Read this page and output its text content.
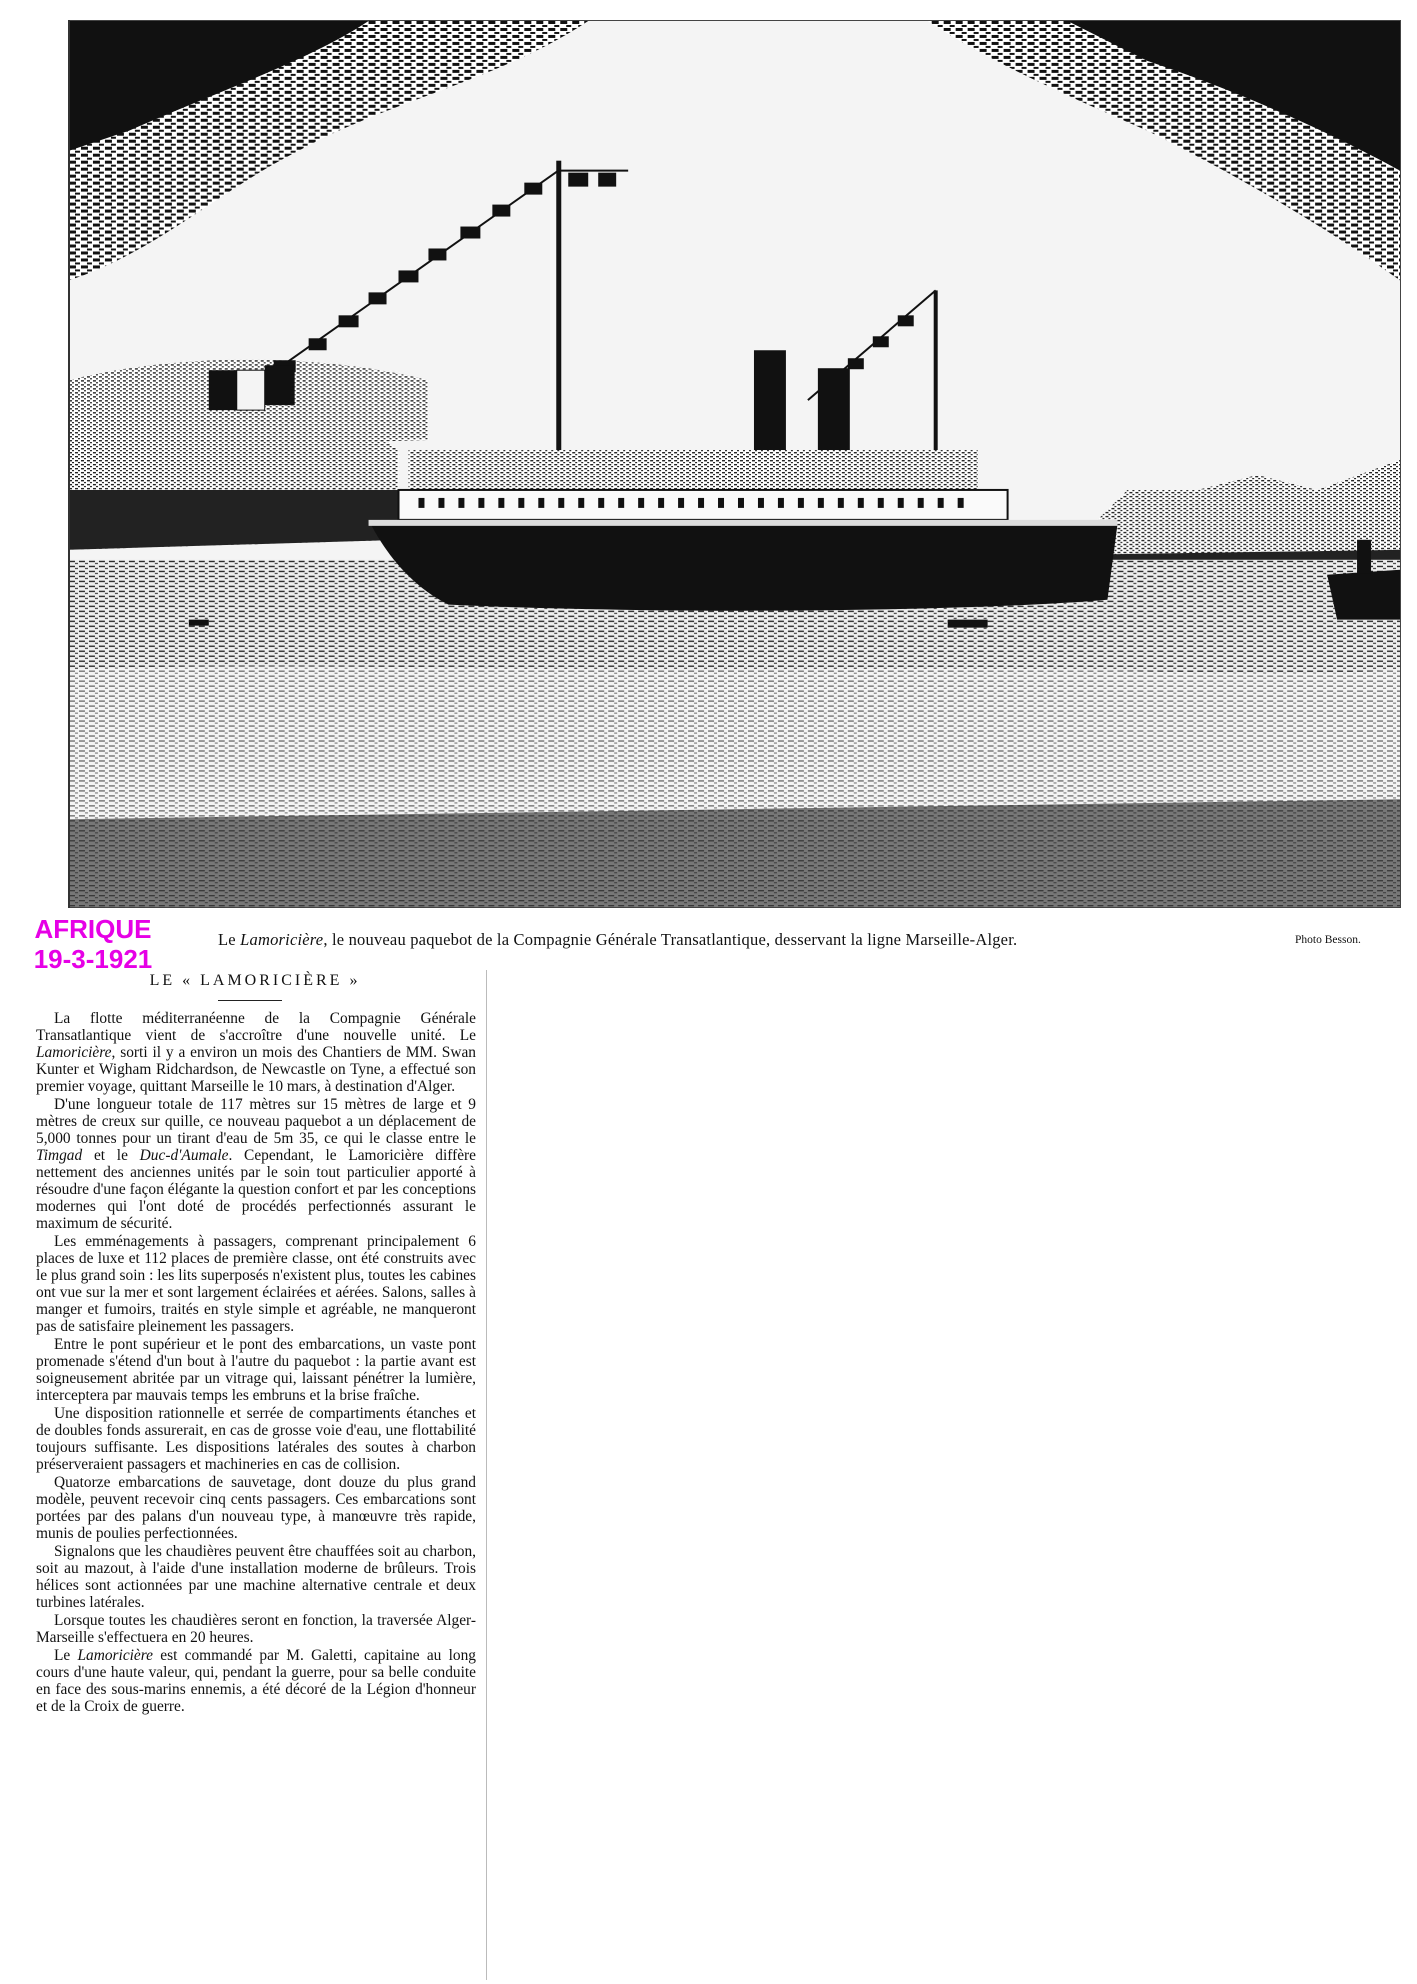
AFRIQUE
19-3-1921
Le Lamoricière, le nouveau paquebot de la Compagnie Générale Transatlantique, desservant la ligne Marseille-Alger.	Photo Besson.
LE « LAMORICIÈRE »

La flotte méditerranéenne de la Compagnie Générale Transatlantique vient de s'accroître d'une nouvelle unité. Le Lamoricière, sorti il y a environ un mois des Chantiers de MM. Swan Kunter et Wigham Ridchardson, de Newcastle on Tyne, a effectué son premier voyage, quittant Marseille le 10 mars, à destination d'Alger.

D'une longueur totale de 117 mètres sur 15 mètres de large et 9 mètres de creux sur quille, ce nouveau paquebot a un déplacement de 5,000 tonnes pour un tirant d'eau de 5m 35, ce qui le classe entre le Timgad et le Duc-d'Aumale. Cependant, le Lamoricière diffère nettement des anciennes unités par le soin tout particulier apporté à résoudre d'une façon élégante la question confort et par les conceptions modernes qui l'ont doté de procédés perfectionnés assurant le maximum de sécurité.

Les emménagements à passagers, comprenant principalement 6 places de luxe et 112 places de première classe, ont été construits avec le plus grand soin : les lits superposés n'existent plus, toutes les cabines ont vue sur la mer et sont largement éclairées et aérées. Salons, salles à manger et fumoirs, traités en style simple et agréable, ne manqueront pas de satisfaire pleinement les passagers.

Entre le pont supérieur et le pont des embarcations, un vaste pont promenade s'étend d'un bout à l'autre du paquebot : la partie avant est soigneusement abritée par un vitrage qui, laissant pénétrer la lumière, interceptera par mauvais temps les embruns et la brise fraîche.

Une disposition rationnelle et serrée de compartiments étanches et de doubles fonds assurerait, en cas de grosse voie d'eau, une flottabilité toujours suffisante. Les dispositions latérales des soutes à charbon préserveraient passagers et machineries en cas de collision.

Quatorze embarcations de sauvetage, dont douze du plus grand modèle, peuvent recevoir cinq cents passagers. Ces embarcations sont portées par des palans d'un nouveau type, à manœuvre très rapide, munis de poulies perfectionnées.

Signalons que les chaudières peuvent être chauffées soit au charbon, soit au mazout, à l'aide d'une installation moderne de brûleurs. Trois hélices sont actionnées par une machine alternative centrale et deux turbines latérales.

Lorsque toutes les chaudières seront en fonction, la traversée Alger-Marseille s'effectuera en 20 heures.

Le Lamoricière est commandé par M. Galetti, capitaine au long cours d'une haute valeur, qui, pendant la guerre, pour sa belle conduite en face des sous-marins ennemis, a été décoré de la Légion d'honneur et de la Croix de guerre.
